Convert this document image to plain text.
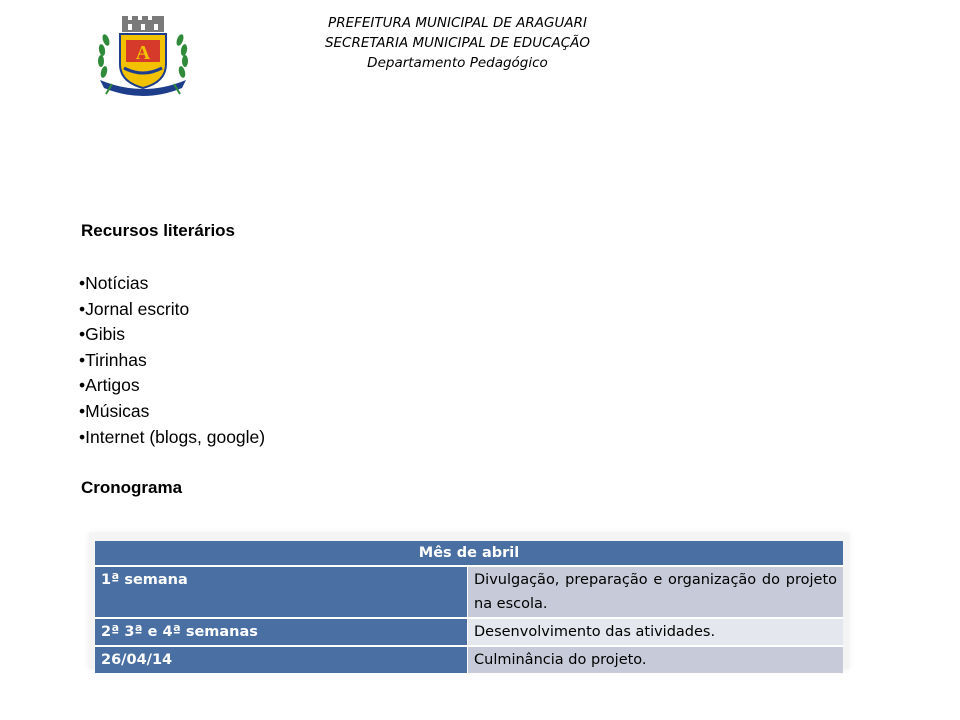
A
PREFEITURA MUNICIPAL DE ARAGUARI
SECRETARIA MUNICIPAL DE EDUCAÇÃO
Departamento Pedagógico
Recursos literários
• Notícias
• Jornal escrito
• Gibis
• Tirinhas
• Artigos
• Músicas
• Internet (blogs, google)
Cronograma
Mês de abril	
1ª semana	Divulgação, preparação e organização do projeto na escola.
2ª 3ª e 4ª semanas	Desenvolvimento das atividades.
26/04/14	Culminância do projeto.
